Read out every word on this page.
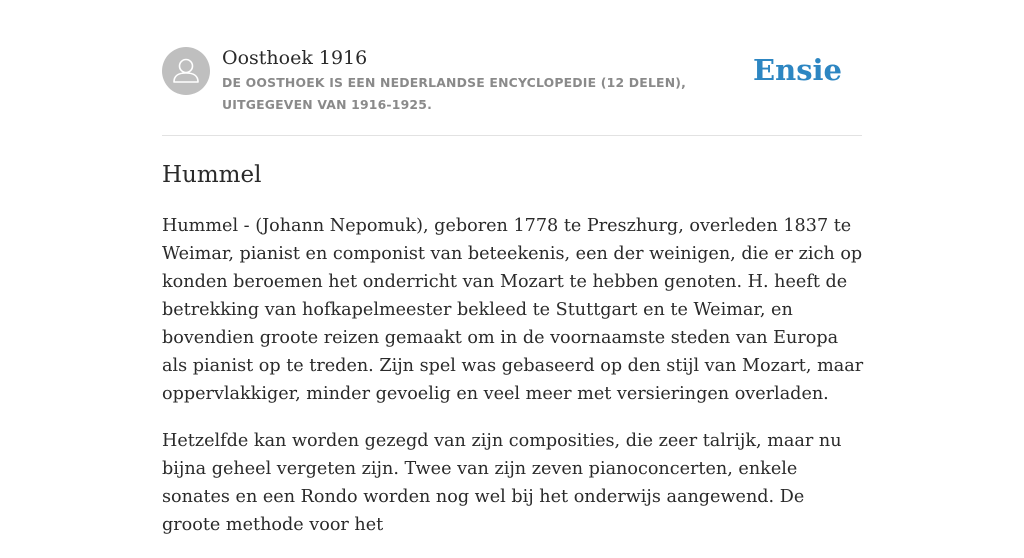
Oosthoek 1916
DE OOSTHOEK IS EEN NEDERLANDSE ENCYCLOPEDIE (12 DELEN), UITGEGEVEN VAN 1916-1925.
Ensie
Hummel

Hummel - (Johann Nepomuk), geboren 1778 te Preszhurg, overleden 1837 te Weimar, pianist en componist van beteekenis, een der weinigen, die er zich op konden beroemen het onderricht van Mozart te hebben genoten. H. heeft de betrekking van hofkapelmeester bekleed te Stuttgart en te Weimar, en bovendien groote reizen gemaakt om in de voornaamste steden van Europa als pianist op te treden. Zijn spel was gebaseerd op den stijl van Mozart, maar oppervlakkiger, minder gevoelig en veel meer met versieringen overladen.

Hetzelfde kan worden gezegd van zijn composities, die zeer talrijk, maar nu bijna geheel vergeten zijn. Twee van zijn zeven pianoconcerten, enkele sonates en een Rondo worden nog wel bij het onderwijs aangewend. De groote methode voor het
